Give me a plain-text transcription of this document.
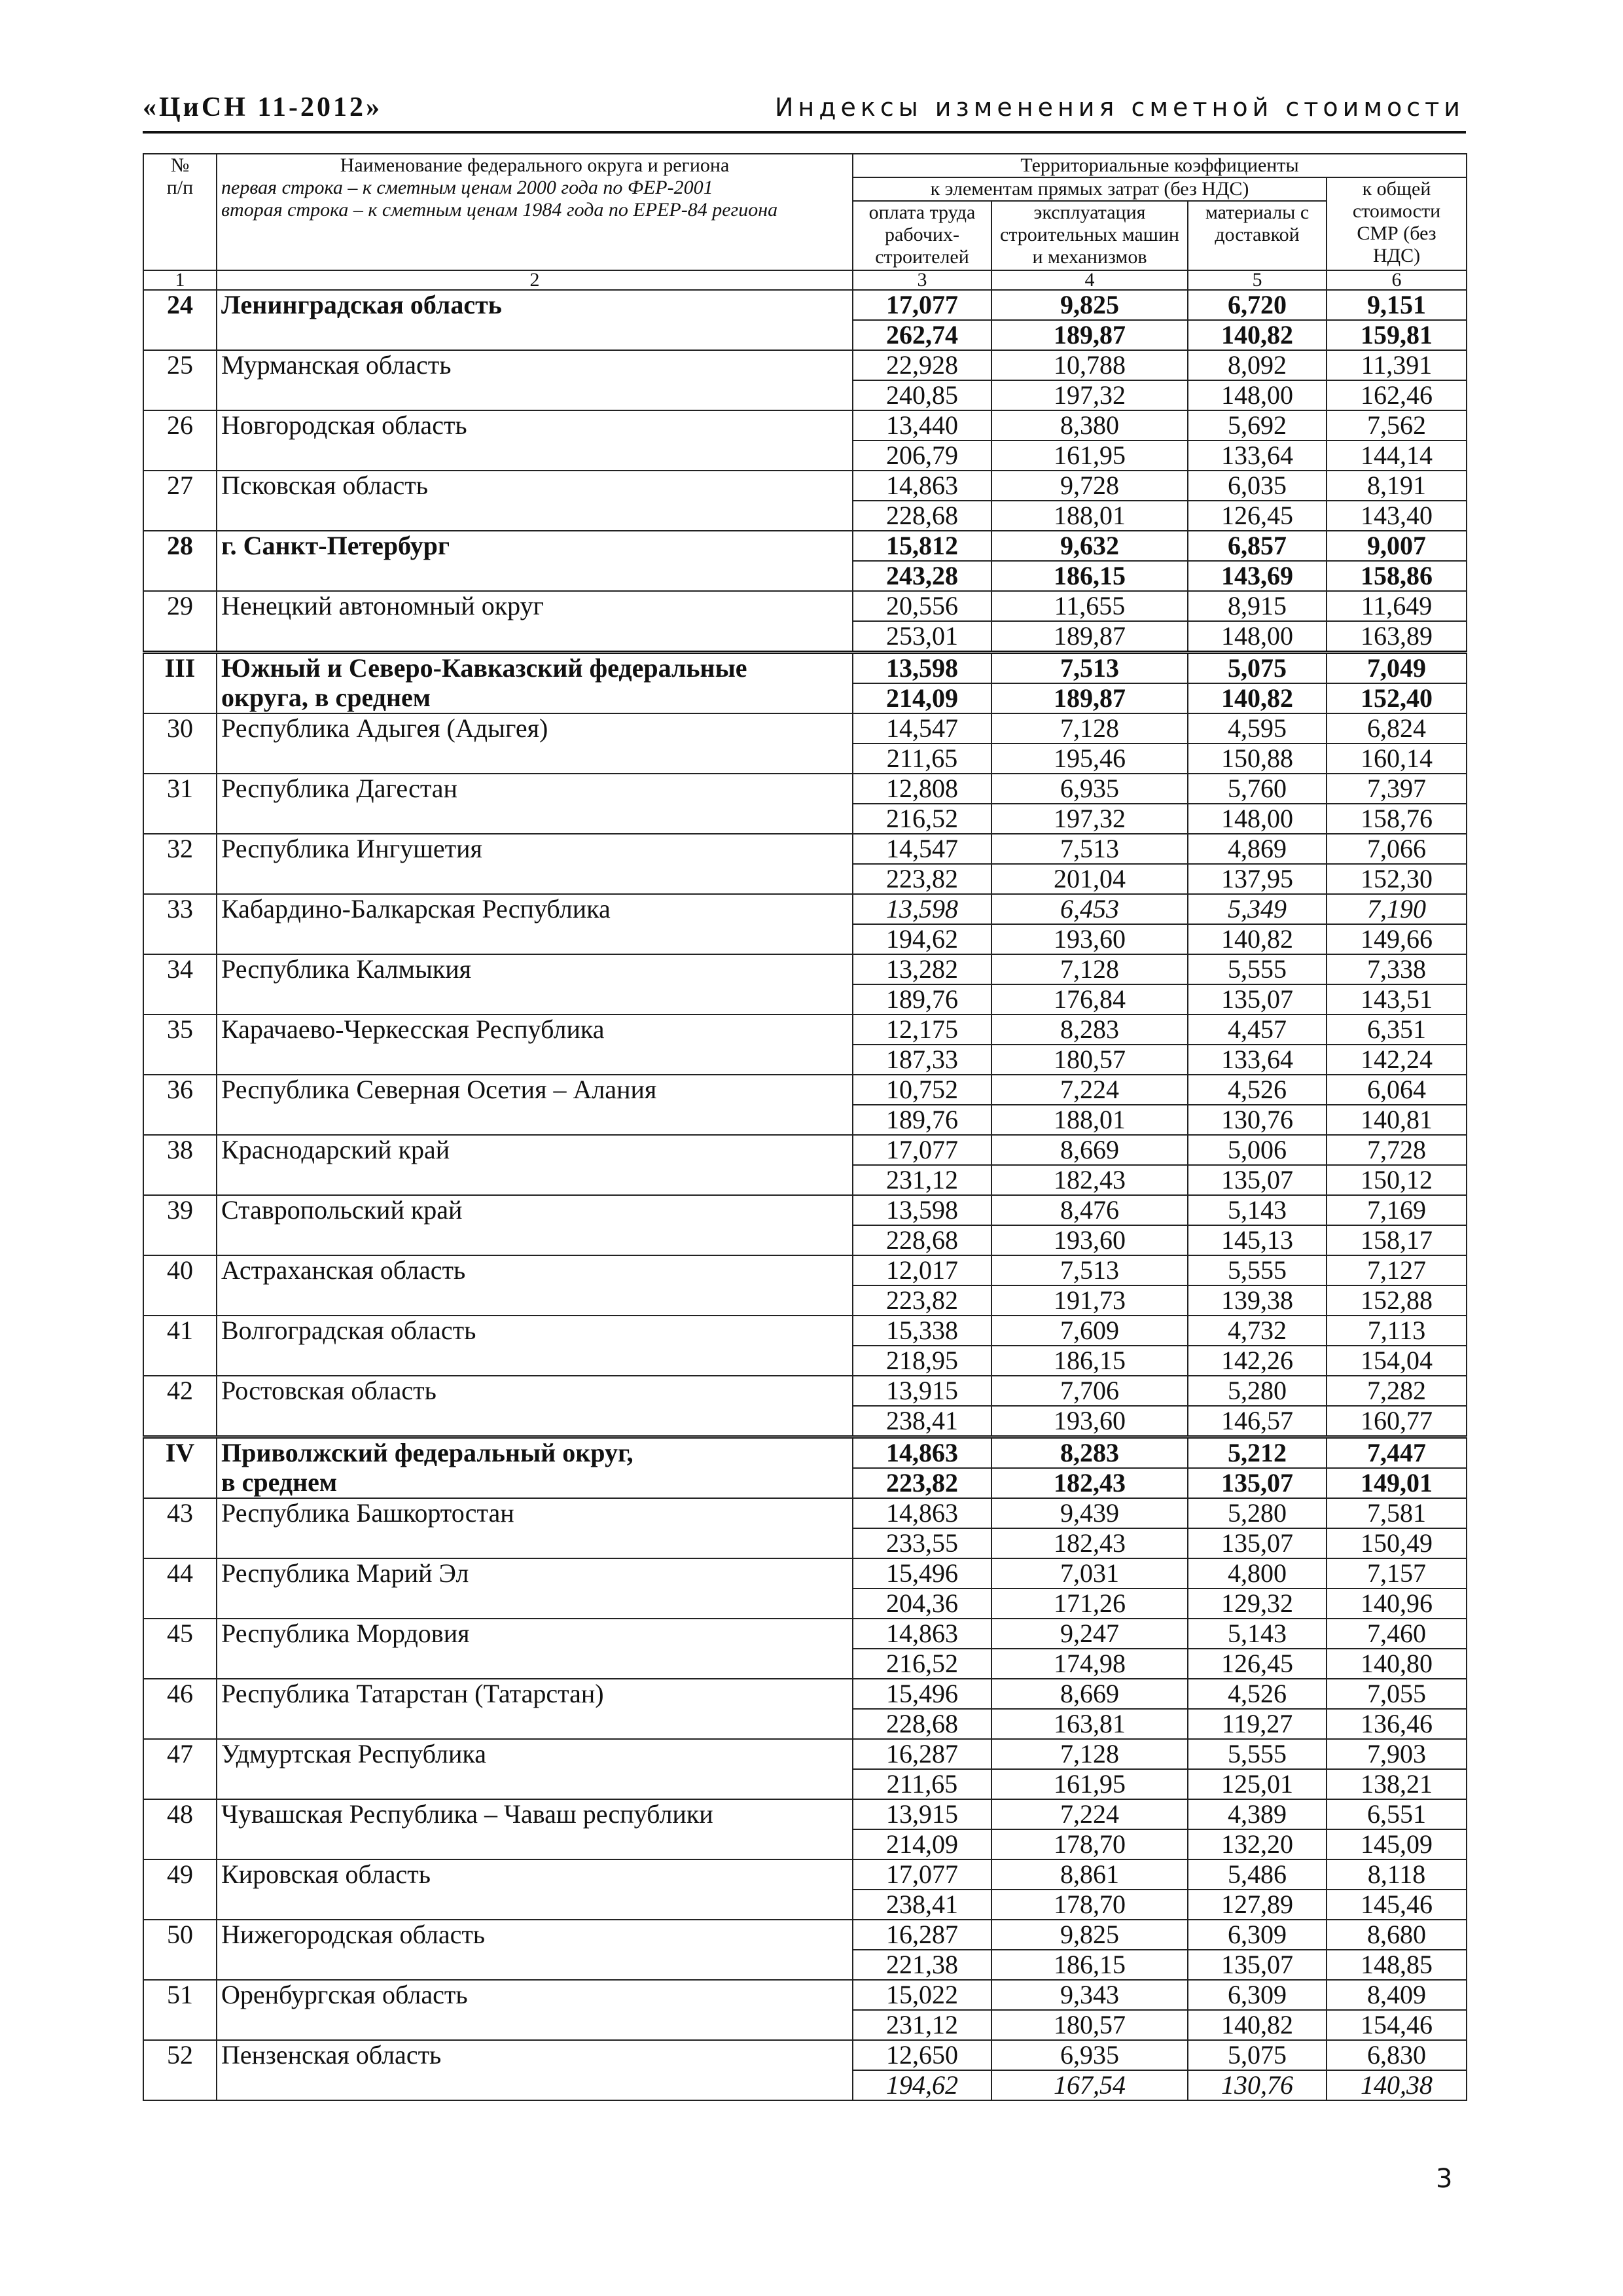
«ЦиСН 11-2012»	Индексы изменения сметной стоимости
№
п/п	Наименование федерального округа и региона
первая строка – к сметным ценам 2000 года по ФЕР-2001
вторая строка – к сметным ценам 1984 года по ЕРЕР-84 региона	Территориальные коэффициенты			
		к элементам прямых затрат (без НДС)			к общей стоимости СМР (без НДС)
		оплата труда рабочих-строителей	эксплуатация строительных машин и механизмов	материалы с доставкой	
1	2	3	4	5	6
24	Ленинградская область	17,077	9,825	6,720	9,151
		262,74	189,87	140,82	159,81
25	Мурманская область	22,928	10,788	8,092	11,391
		240,85	197,32	148,00	162,46
26	Новгородская область	13,440	8,380	5,692	7,562
		206,79	161,95	133,64	144,14
27	Псковская область	14,863	9,728	6,035	8,191
		228,68	188,01	126,45	143,40
28	г. Санкт-Петербург	15,812	9,632	6,857	9,007
		243,28	186,15	143,69	158,86
29	Ненецкий автономный округ	20,556	11,655	8,915	11,649
		253,01	189,87	148,00	163,89
III	Южный и Северо-Кавказский федеральные	13,598	7,513	5,075	7,049
	округа, в среднем	214,09	189,87	140,82	152,40
30	Республика Адыгея (Адыгея)	14,547	7,128	4,595	6,824
		211,65	195,46	150,88	160,14
31	Республика Дагестан	12,808	6,935	5,760	7,397
		216,52	197,32	148,00	158,76
32	Республика Ингушетия	14,547	7,513	4,869	7,066
		223,82	201,04	137,95	152,30
33	Кабардино-Балкарская Республика	13,598	6,453	5,349	7,190
		194,62	193,60	140,82	149,66
34	Республика Калмыкия	13,282	7,128	5,555	7,338
		189,76	176,84	135,07	143,51
35	Карачаево-Черкесская Республика	12,175	8,283	4,457	6,351
		187,33	180,57	133,64	142,24
36	Республика Северная Осетия – Алания	10,752	7,224	4,526	6,064
		189,76	188,01	130,76	140,81
38	Краснодарский край	17,077	8,669	5,006	7,728
		231,12	182,43	135,07	150,12
39	Ставропольский край	13,598	8,476	5,143	7,169
		228,68	193,60	145,13	158,17
40	Астраханская область	12,017	7,513	5,555	7,127
		223,82	191,73	139,38	152,88
41	Волгоградская область	15,338	7,609	4,732	7,113
		218,95	186,15	142,26	154,04
42	Ростовская область	13,915	7,706	5,280	7,282
		238,41	193,60	146,57	160,77
IV	Приволжский федеральный округ,	14,863	8,283	5,212	7,447
	в среднем	223,82	182,43	135,07	149,01
43	Республика Башкортостан	14,863	9,439	5,280	7,581
		233,55	182,43	135,07	150,49
44	Республика Марий Эл	15,496	7,031	4,800	7,157
		204,36	171,26	129,32	140,96
45	Республика Мордовия	14,863	9,247	5,143	7,460
		216,52	174,98	126,45	140,80
46	Республика Татарстан (Татарстан)	15,496	8,669	4,526	7,055
		228,68	163,81	119,27	136,46
47	Удмуртская Республика	16,287	7,128	5,555	7,903
		211,65	161,95	125,01	138,21
48	Чувашская Республика – Чаваш республики	13,915	7,224	4,389	6,551
		214,09	178,70	132,20	145,09
49	Кировская область	17,077	8,861	5,486	8,118
		238,41	178,70	127,89	145,46
50	Нижегородская область	16,287	9,825	6,309	8,680
		221,38	186,15	135,07	148,85
51	Оренбургская область	15,022	9,343	6,309	8,409
		231,12	180,57	140,82	154,46
52	Пензенская область	12,650	6,935	5,075	6,830
		194,62	167,54	130,76	140,38
3
